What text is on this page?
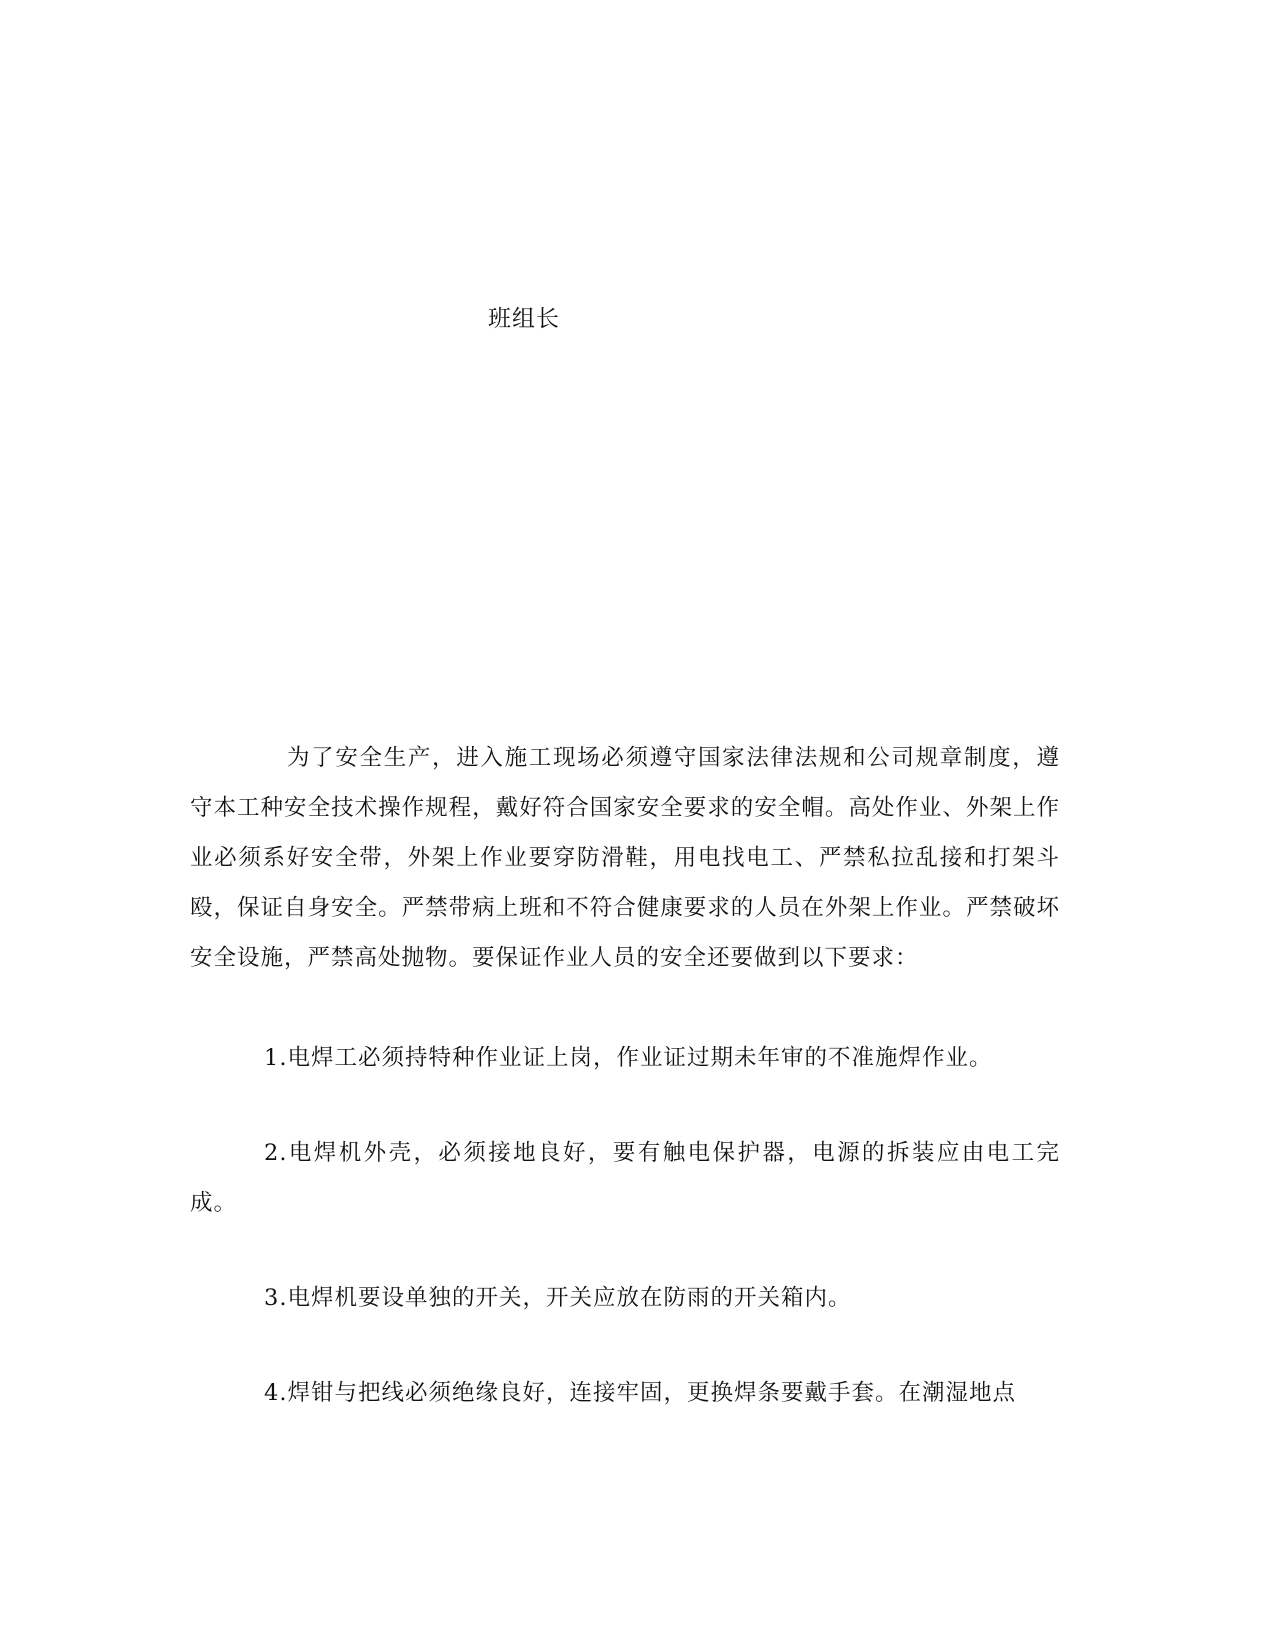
班组长

为了安全生产，进入施工现场必须遵守国家法律法规和公司规章制度，遵守本工种安全技术操作规程，戴好符合国家安全要求的安全帽。高处作业、外架上作业必须系好安全带，外架上作业要穿防滑鞋，用电找电工、严禁私拉乱接和打架斗殴，保证自身安全。严禁带病上班和不符合健康要求的人员在外架上作业。严禁破坏安全设施，严禁高处抛物。要保证作业人员的安全还要做到以下要求：

1.电焊工必须持特种作业证上岗，作业证过期未年审的不准施焊作业。

2.电焊机外壳，必须接地良好，要有触电保护器，电源的拆装应由电工完成。

3.电焊机要设单独的开关，开关应放在防雨的开关箱内。

4.焊钳与把线必须绝缘良好，连接牢固，更换焊条要戴手套。在潮湿地点
